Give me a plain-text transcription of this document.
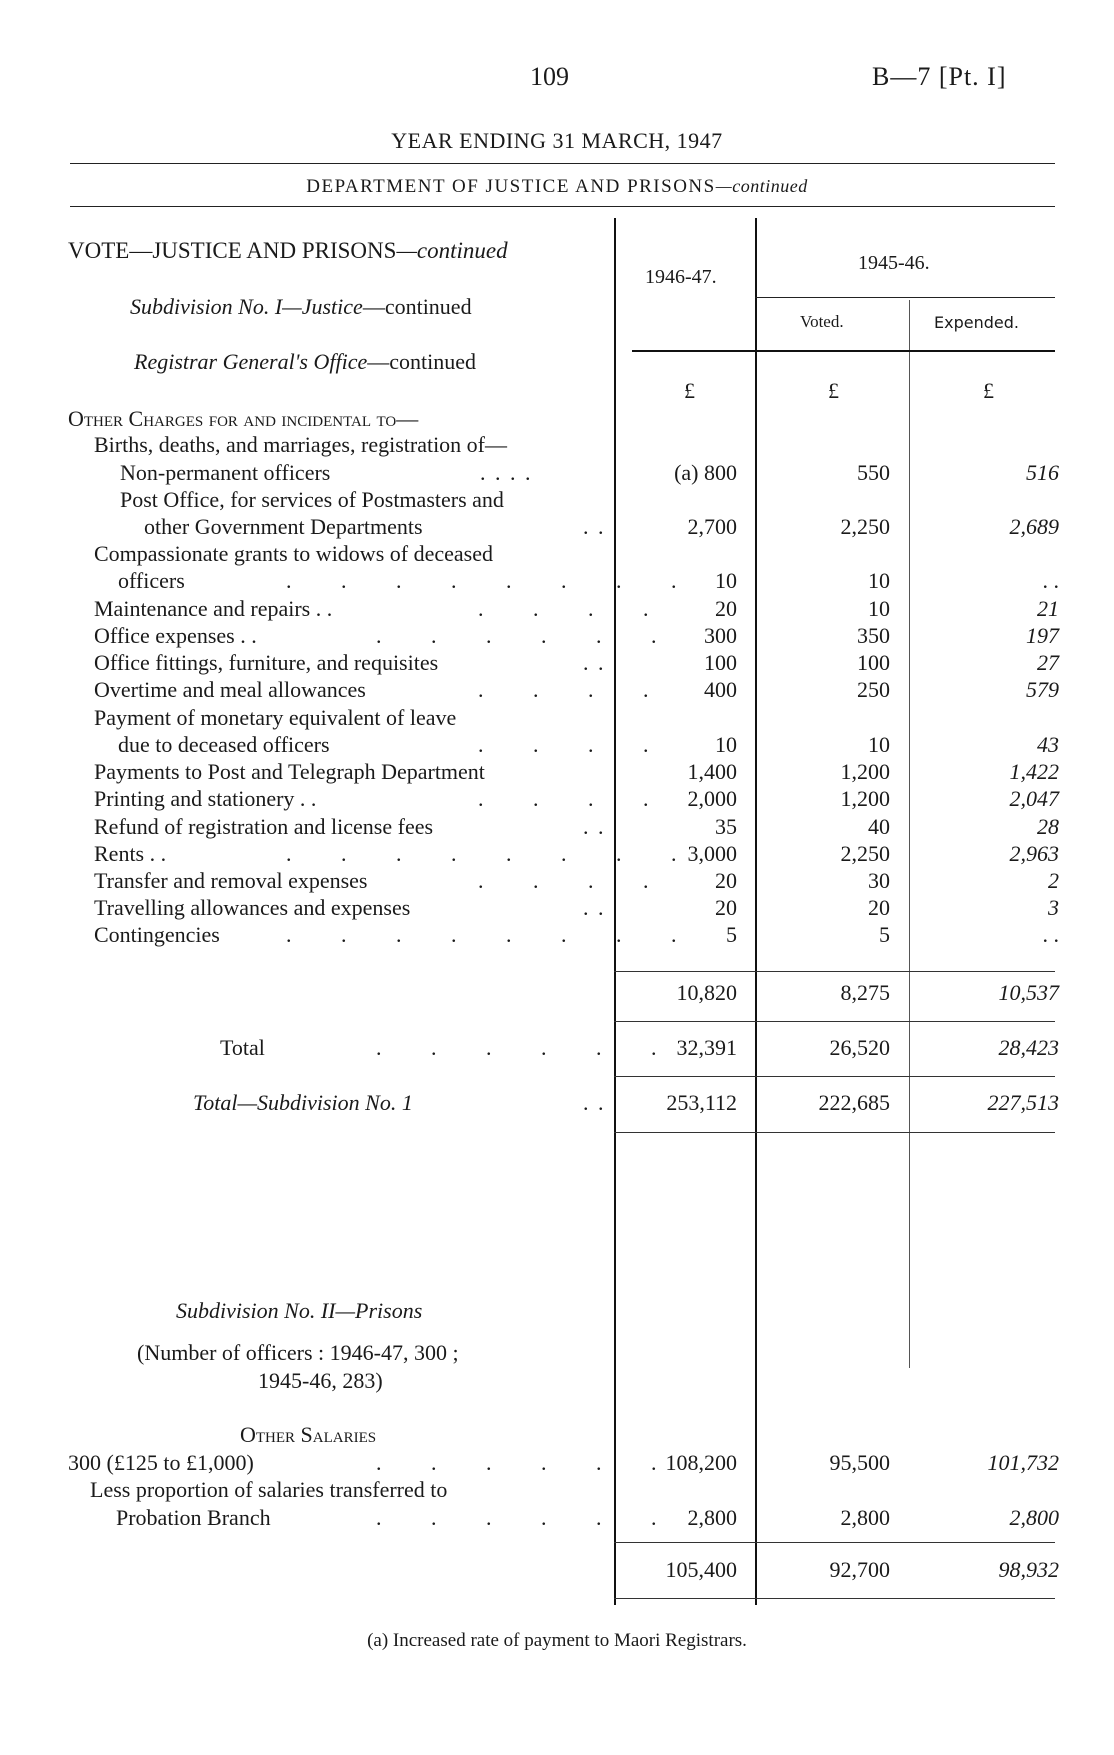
109	B—7 [Pt. I]
YEAR ENDING 31 MARCH, 1947
DEPARTMENT OF JUSTICE AND PRISONS—continued
VOTE—JUSTICE AND PRISONS—continued
Subdivision No. I—Justice—continued
Registrar General's Office—continued
1946-47.
1945-46.
Voted.	Expended.
£	£	£
Other Charges for and incidental to—
Births, deaths, and marriages, registration of—
Non-permanent officers	. . . .	(a) 800	550	516
Post Office, for services of Postmasters and
other Government Departments	. .	2,700	2,250	2,689
Compassionate grants to widows of deceased
officers	. . . . . . . . 10	10	. .
Maintenance and repairs . .	. . . .	20	10	21
Office expenses . .	. . . . . . 300	350	197
Office fittings, furniture, and requisites	. .	100	100	27
Overtime and meal allowances	. . . . 400	250	579
Payment of monetary equivalent of leave
due to deceased officers	. . . .	10	10	43
Payments to Post and Telegraph Department	1,400	1,200	1,422
Printing and stationery . .	. . . . 2,000	1,200	2,047
Refund of registration and license fees	. .	35	40	28
Rents . .	. . . . . . . . 3,000	2,250	2,963
Transfer and removal expenses	. . . .	20	30	2
Travelling allowances and expenses	. .	20	20	3
Contingencies	. . . . . . . . 5	5	. .
10,820	8,275	10,537
Total	. . . . . . 32,391	26,520	28,423
Total—Subdivision No. 1	. .	253,112	222,685	227,513
Subdivision No. II—Prisons
(Number of officers : 1946-47, 300 ;
1945-46, 283)
Other Salaries
300 (£125 to £1,000)	. . . . . . 108,200	95,500	101,732
Less proportion of salaries transferred to
Probation Branch	. . . . . . 2,800	2,800	2,800
105,400	92,700	98,932
(a) Increased rate of payment to Maori Registrars.
